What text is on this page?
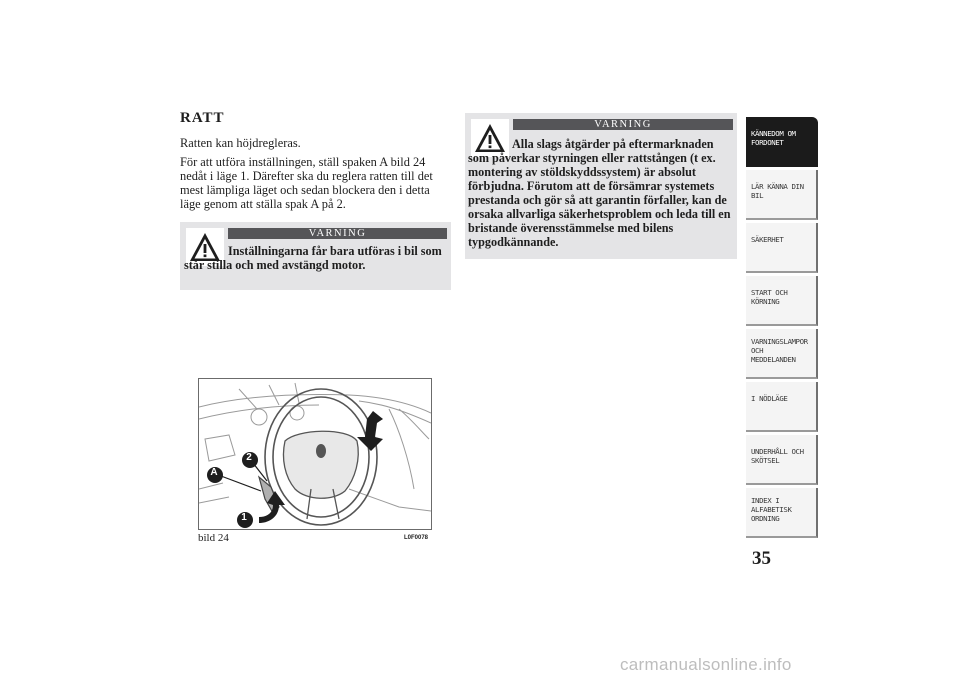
RATT

Ratten kan höjdregleras.

För att utföra inställningen, ställ spaken A bild 24 nedåt i läge 1. Därefter ska du reglera ratten till det mest lämpliga läget och sedan blockera den i detta läge genom att ställa spak A på 2.

VARNING
Inställningarna får bara utföras i bil som står stilla och med avstängd motor.
VARNING
Alla slags åtgärder på eftermarknaden som påverkar styrningen eller rattstången (t ex. montering av stöldskyddssystem) är absolut förbjudna. Förutom att de försämrar systemets prestanda och gör så att garantin förfaller, kan de orsaka allvarliga säkerhetsproblem och leda till en bristande överensstämmelse med bilens typgodkännande.
A
2
1
bild 24	L0F0078
KÄNNEDOM OM
FORDONET
LÄR KÄNNA DIN
BIL
SÄKERHET
START OCH
KÖRNING
VARNINGSLAMPOR
OCH
MEDDELANDEN
I NÖDLÄGE
UNDERHÅLL OCH
SKÖTSEL
INDEX I
ALFABETISK
ORDNING
35
carmanualsonline.info
